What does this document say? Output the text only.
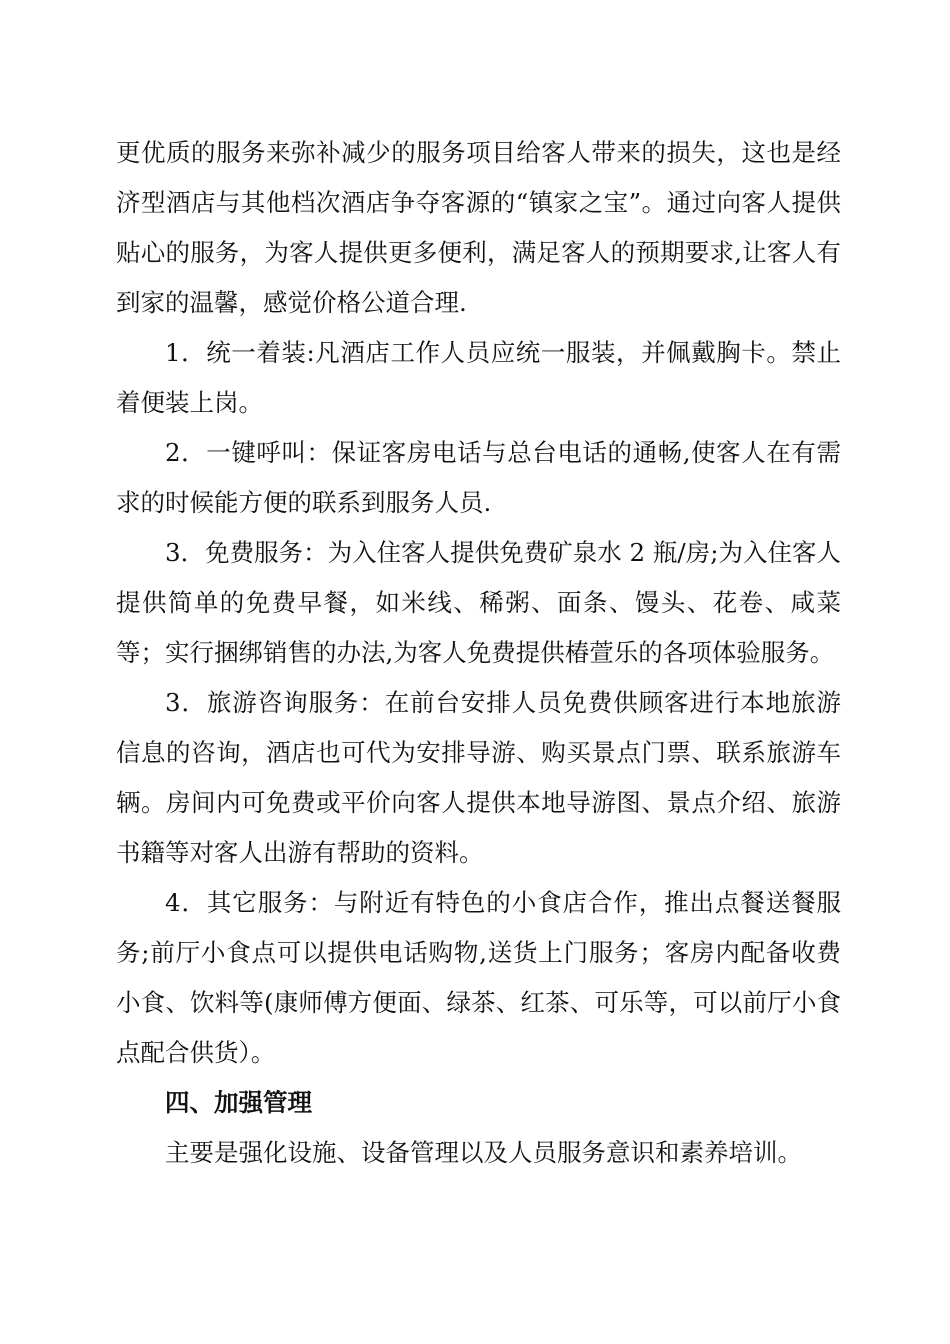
更优质的服务来弥补减少的服务项目给客人带来的损失，这也是经济型酒店与其他档次酒店争夺客源的“镇家之宝”。通过向客人提供贴心的服务，为客人提供更多便利，满足客人的预期要求,让客人有到家的温馨，感觉价格公道合理.

1．统一着装:凡酒店工作人员应统一服装，并佩戴胸卡。禁止着便装上岗。

2．一键呼叫：保证客房电话与总台电话的通畅,使客人在有需求的时候能方便的联系到服务人员.

3．免费服务：为入住客人提供免费矿泉水 2 瓶/房;为入住客人提供简单的免费早餐，如米线、稀粥、面条、馒头、花卷、咸菜等；实行捆绑销售的办法,为客人免费提供椿萱乐的各项体验服务。

3．旅游咨询服务：在前台安排人员免费供顾客进行本地旅游信息的咨询，酒店也可代为安排导游、购买景点门票、联系旅游车辆。房间内可免费或平价向客人提供本地导游图、景点介绍、旅游书籍等对客人出游有帮助的资料。

4．其它服务：与附近有特色的小食店合作，推出点餐送餐服务;前厅小食点可以提供电话购物,送货上门服务；客房内配备收费小食、饮料等(康师傅方便面、绿茶、红茶、可乐等，可以前厅小食点配合供货）。

四、加强管理

主要是强化设施、设备管理以及人员服务意识和素养培训。
